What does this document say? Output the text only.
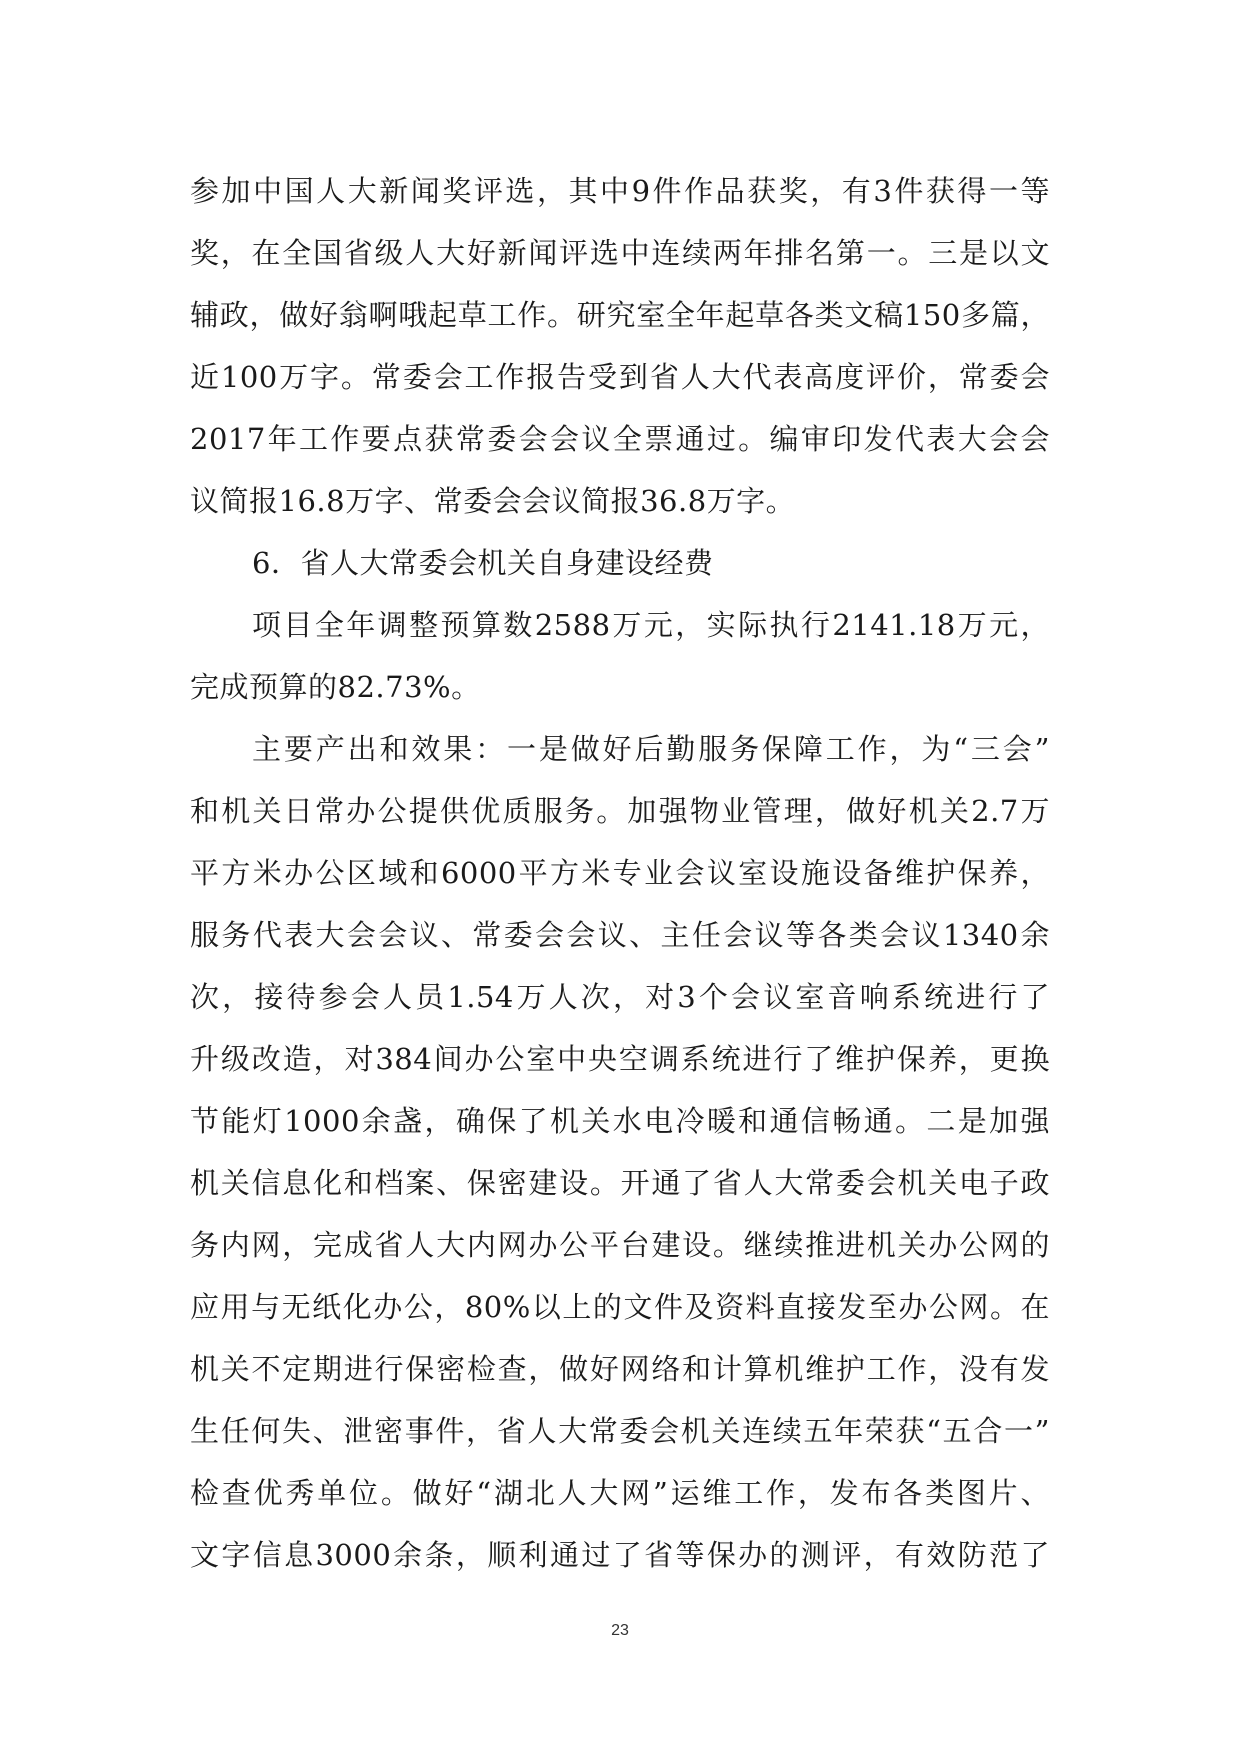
参加中国人大新闻奖评选，其中9件作品获奖，有3件获得一等
奖，在全国省级人大好新闻评选中连续两年排名第一。三是以文
辅政，做好翁啊哦起草工作。研究室全年起草各类文稿150多篇，
近100万字。常委会工作报告受到省人大代表高度评价，常委会
2017年工作要点获常委会会议全票通过。编审印发代表大会会
议简报16.8万字、常委会会议简报36.8万字。
6．省人大常委会机关自身建设经费
项目全年调整预算数2588万元，实际执行2141.18万元，
完成预算的82.73%。
主要产出和效果：一是做好后勤服务保障工作，为“三会”
和机关日常办公提供优质服务。加强物业管理，做好机关2.7万
平方米办公区域和6000平方米专业会议室设施设备维护保养，
服务代表大会会议、常委会会议、主任会议等各类会议1340余
次，接待参会人员1.54万人次，对3个会议室音响系统进行了
升级改造，对384间办公室中央空调系统进行了维护保养，更换
节能灯1000余盏，确保了机关水电冷暖和通信畅通。二是加强
机关信息化和档案、保密建设。开通了省人大常委会机关电子政
务内网，完成省人大内网办公平台建设。继续推进机关办公网的
应用与无纸化办公，80%以上的文件及资料直接发至办公网。在
机关不定期进行保密检查，做好网络和计算机维护工作，没有发
生任何失、泄密事件，省人大常委会机关连续五年荣获“五合一”
检查优秀单位。做好“湖北人大网”运维工作，发布各类图片、
文字信息3000余条，顺利通过了省等保办的测评，有效防范了
23
